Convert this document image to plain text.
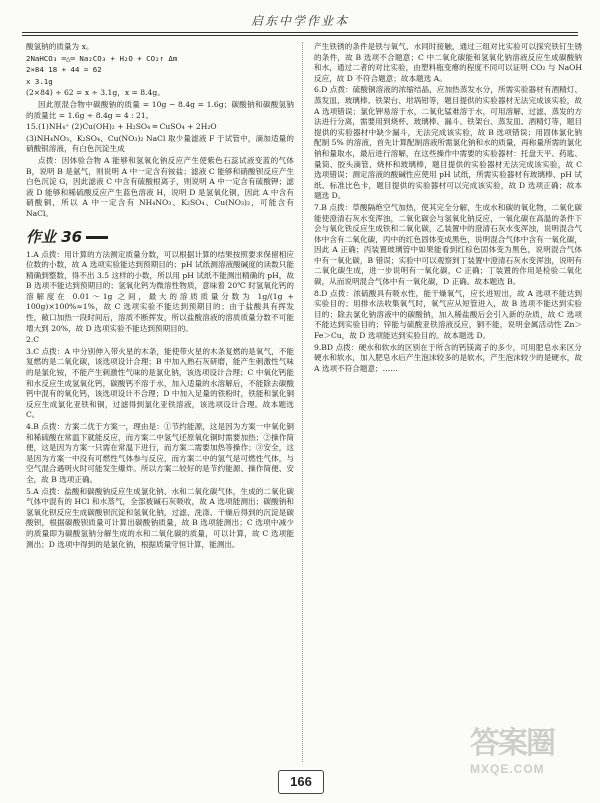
启东中学作业本
酸氢钠的质量为 x。
2NaHCO₃ ═△═ Na₂CO₃ + H₂O + CO₂↑ Δm
2×84 18 + 44 = 62
x 3.1g
(2×84) ÷ 62 = x ÷ 3.1g，x = 8.4g。
因此原混合物中碳酸钠的质量 = 10g − 8.4g = 1.6g；碳酸钠和碳酸氢钠的质量比 = 1.6g ÷ 8.4g = 4 : 21。
15.(1)NH₄⁺ (2)Cu(OH)₂ + H₂SO₄ ═ CuSO₄ + 2H₂O
(3)NH₄NO₃、K₂SO₄、Cu(NO₃)₂ NaCl 取少量滤液 F 于试管中，滴加适量的硝酸银溶液，有白色沉淀生成
点拨：因体验合物 A 能够和氢氧化钠反应产生使紫色石蕊试液变蓝的气体 B，说明 B 是氨气，则说明 A 中一定含有铵盐；滤液 C 能够和硝酸钡反应产生白色沉淀 G，因此滤液 C 中含有硫酸根离子，则说明 A 中一定含有硫酸钾；滤液 D 能够和稀硫酸反应产生蓝色溶液 H，说明 D 是氢氧化铜，因此 A 中含有硝酸铜，所以 A 中一定含有 NH₄NO₃、K₂SO₄、Cu(NO₃)₂，可能含有 NaCl。
作业 36
1.A 点拨：用计算的方法测定质量分数，可以根据计算的结果按照要求保留相应位数的小数，故 A 选项实验能达到预期目的；pH 试纸测溶液酸碱度的读数只能精确到整数，得不出 3.5 这样的小数，所以用 pH 试纸不能测出精确的 pH，故 B 选项不能达到预期目的；氢氧化钙为微溶性物质，意味着 20℃ 时氢氧化钙的溶解度在 0.01～1g 之间，最大的溶质质量分数为 1g/(1g + 100g)×100%≈1%，故 C 选项实验不能达到预期目的；由于盐酸具有挥发性，敞口加热一段时间后，溶质不断挥发，所以盐酸溶液的溶质质量分数不可能增大到 20%，故 D 选项实验不能达到预期目的。
2.C
3.C 点拨：A 中分别伸入带火星的木条，能使带火星的木条复燃的是氧气，不能复燃的是二氧化碳，该选项设计合理；B 中加入熟石灰研磨，能产生刺激性气味的是氯化铵，不能产生刺激性气味的是氯化钠，该选项设计合理；C 中氧化钙能和水反应生成氢氧化钙，碳酸钙不溶于水，加入适量的水溶解后，不能除去碳酸钙中混有的氧化钙，该选项设计不合理；D 中加入足量的铁粉时，铁能和氯化铜反应生成氯化亚铁和铜，过滤得到氯化亚铁溶液，该选项设计合理。故本题选 C。
4.B 点拨：方案二优于方案一，理由是：①节约能源，这是因为方案一中氧化铜和稀硫酸在常温下就能反应，而方案二中氢气还原氧化铜时需要加热；②操作简便，这是因为方案一只需在常温下进行，而方案二需要加热等操作；③安全，这是因为方案一中没有可燃性气体参与反应，而方案二中的氢气是可燃性气体，与空气混合遇明火时可能发生爆炸。所以方案二较好的是节约能源、操作简便、安全，故 B 选项正确。
5.A 点拨：盐酸和碳酸钠反应生成氯化钠、水和二氧化碳气体，生成的二氧化碳气体中混有的 HCl 和水蒸气，全部被碱石灰吸收，故 A 选项能测出；碳酸钠和氢氧化钡反应生成碳酸钡沉淀和氢氧化钠，过滤、洗涤、干燥后得到的沉淀是碳酸钡，根据碳酸钡质量可计算出碳酸钠质量，故 B 选项能测出；C 选项中减少的质量即为碳酸氢钠分解生成的水和二氧化碳的质量，可以计算，故 C 选项能测出；D 选项中得到的是氯化钠，根据质量守恒计算，能测出。
产生铁锈的条件是铁与氧气、水同时接触，通过三组对比实验可以探究铁钉生锈的条件，故 B 选项不合题意；C 中二氧化碳能和氢氧化钠溶液反应生成碳酸钠和水，通过二者的对比实验，由塑料瓶变瘪的程度不同可以证明 CO₂ 与 NaOH 反应，故 D 不符合题意；故本题选 A。
6.D 点拨：硫酸铜溶液的浓缩结晶，应加热蒸发水分，所需实验器材有酒精灯、蒸发皿、玻璃棒、铁架台、坩埚钳等，题目提供的实验器材无法完成该实验，故 A 选项错误；氯化钾易溶于水，二氧化锰难溶于水，可用溶解、过滤、蒸发的方法进行分离，需要用到烧杯、玻璃棒、漏斗、铁架台、蒸发皿、酒精灯等，题目提供的实验器材中缺少漏斗，无法完成该实验，故 B 选项错误；用固体氯化钠配制 5% 的溶液，首先计算配制溶液所需氯化钠和水的质量，再称量所需的氯化钠和量取水，最后进行溶解，在这些操作中需要的实验器材：托盘天平、药匙、量筒、胶头滴管、烧杯和玻璃棒，题目提供的实验器材无法完成该实验，故 C 选项错误；测定溶液的酸碱性应使用 pH 试纸，所需实验器材有玻璃棒、pH 试纸、标准比色卡，题目提供的实验器材可以完成该实验，故 D 选项正确；故本题选 D。
7.B 点拨：草酸隔绝空气加热，使其完全分解，生成水和碳的氧化物，二氧化碳能使澄清石灰水变浑浊，二氧化碳会与氢氧化钠反应，一氧化碳在高温的条件下会与氧化铁反应生成铁和二氧化碳，乙装置中的澄清石灰水变浑浊，说明混合气体中含有二氧化碳，丙中的红色固体变成黑色，说明混合气体中含有一氧化碳，因此 A 正确；丙装置玻璃管中如果能看到红棕色固体变为黑色，说明混合气体中有一氧化碳，B 错误；实验中可以观察到丁装置中澄清石灰水变浑浊，说明有二氧化碳生成，进一步说明有一氧化碳，C 正确；丁装置的作用是检验二氧化碳，从而说明混合气体中有一氧化碳，D 正确。故本题选 B。
8.D 点拨：浓硫酸具有吸水性，能干燥氧气，应长进短出，故 A 选项不能达到实验目的；用排水法收集氧气时，氧气应从短管进入，故 B 选项不能达到实验目的；除去氯化钠溶液中的碳酸钠，加入稀盐酸后会引入新的杂质，故 C 选项不能达到实验目的；锌能与硫酸亚铁溶液反应，铜不能，说明金属活动性 Zn＞Fe＞Cu，故 D 选项能达到实验目的。故本题选 D。
9.BD 点拨：硬水和软水的区别在于所含的钙镁离子的多少，可用肥皂水来区分硬水和软水，加入肥皂水后产生泡沫较多的是软水，产生泡沫较少的是硬水，故 A 选项不符合题意；……
答案圈
MXQE.COM
166
